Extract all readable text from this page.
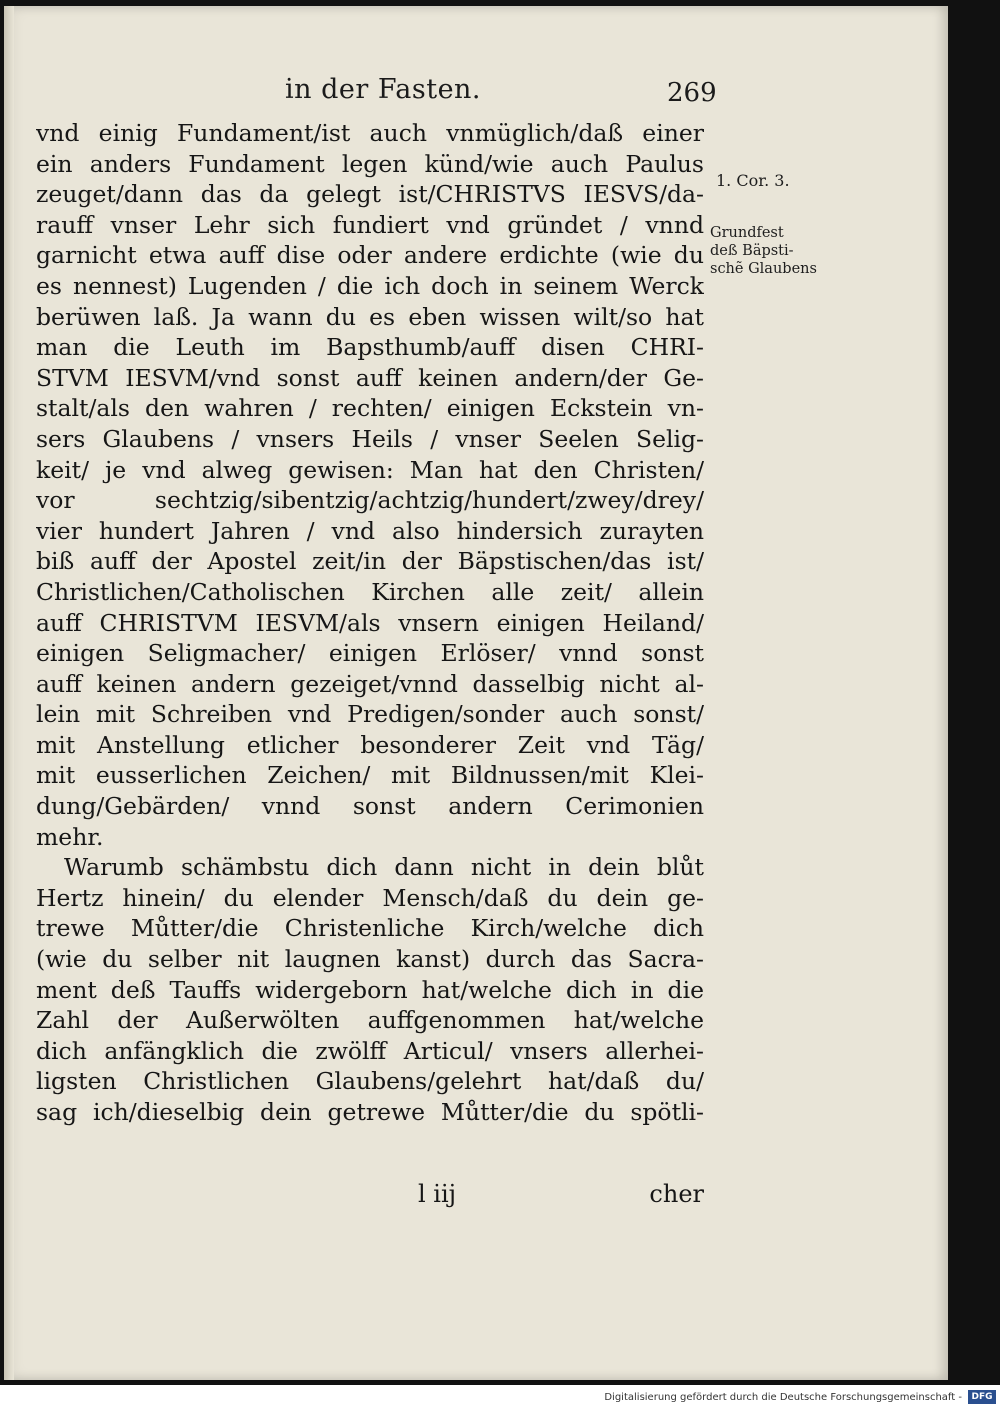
in der Fasten.	269
1. Cor. 3.
Grundfest
deß Bäpsti-
schẽ Glaubens
vnd einig Fundament/ist auch vnmüglich/daß einer
ein anders Fundament legen künd/wie auch Paulus
zeuget/dann das da gelegt ist/CHRISTVS IESVS/da-
rauff vnser Lehr sich fundiert vnd gründet / vnnd
garnicht etwa auff dise oder andere erdichte (wie du
es nennest) Lugenden / die ich doch in seinem Werck
berüwen laß. Ja wann du es eben wissen wilt/so hat
man die Leuth im Bapsthumb/auff disen CHRI-
STVM IESVM/vnd sonst auff keinen andern/der Ge-
stalt/als den wahren / rechten/ einigen Eckstein vn-
sers Glaubens / vnsers Heils / vnser Seelen Selig-
keit/ je vnd alweg gewisen: Man hat den Christen/
vor sechtzig/sibentzig/achtzig/hundert/zwey/drey/
vier hundert Jahren / vnd also hindersich zurayten
biß auff der Apostel zeit/in der Bäpstischen/das ist/
Christlichen/Catholischen Kirchen alle zeit/ allein
auff CHRISTVM IESVM/als vnsern einigen Heiland/
einigen Seligmacher/ einigen Erlöser/ vnnd sonst
auff keinen andern gezeiget/vnnd dasselbig nicht al-
lein mit Schreiben vnd Predigen/sonder auch sonst/
mit Anstellung etlicher besonderer Zeit vnd Täg/
mit eusserlichen Zeichen/ mit Bildnussen/mit Klei-
dung/Gebärden/ vnnd sonst andern Cerimonien
mehr.
Warumb schämbstu dich dann nicht in dein blůt
Hertz hinein/ du elender Mensch/daß du dein ge-
trewe Můtter/die Christenliche Kirch/welche dich
(wie du selber nit laugnen kanst) durch das Sacra-
ment deß Tauffs widergeborn hat/welche dich in die
Zahl der Außerwölten auffgenommen hat/welche
dich anfängklich die zwölff Articul/ vnsers allerhei-
ligsten Christlichen Glaubens/gelehrt hat/daß du/
sag ich/dieselbig dein getrewe Můtter/die du spötli-
l iij	cher
Digitalisierung gefördert durch die Deutsche Forschungsgemeinschaft -	DFG
